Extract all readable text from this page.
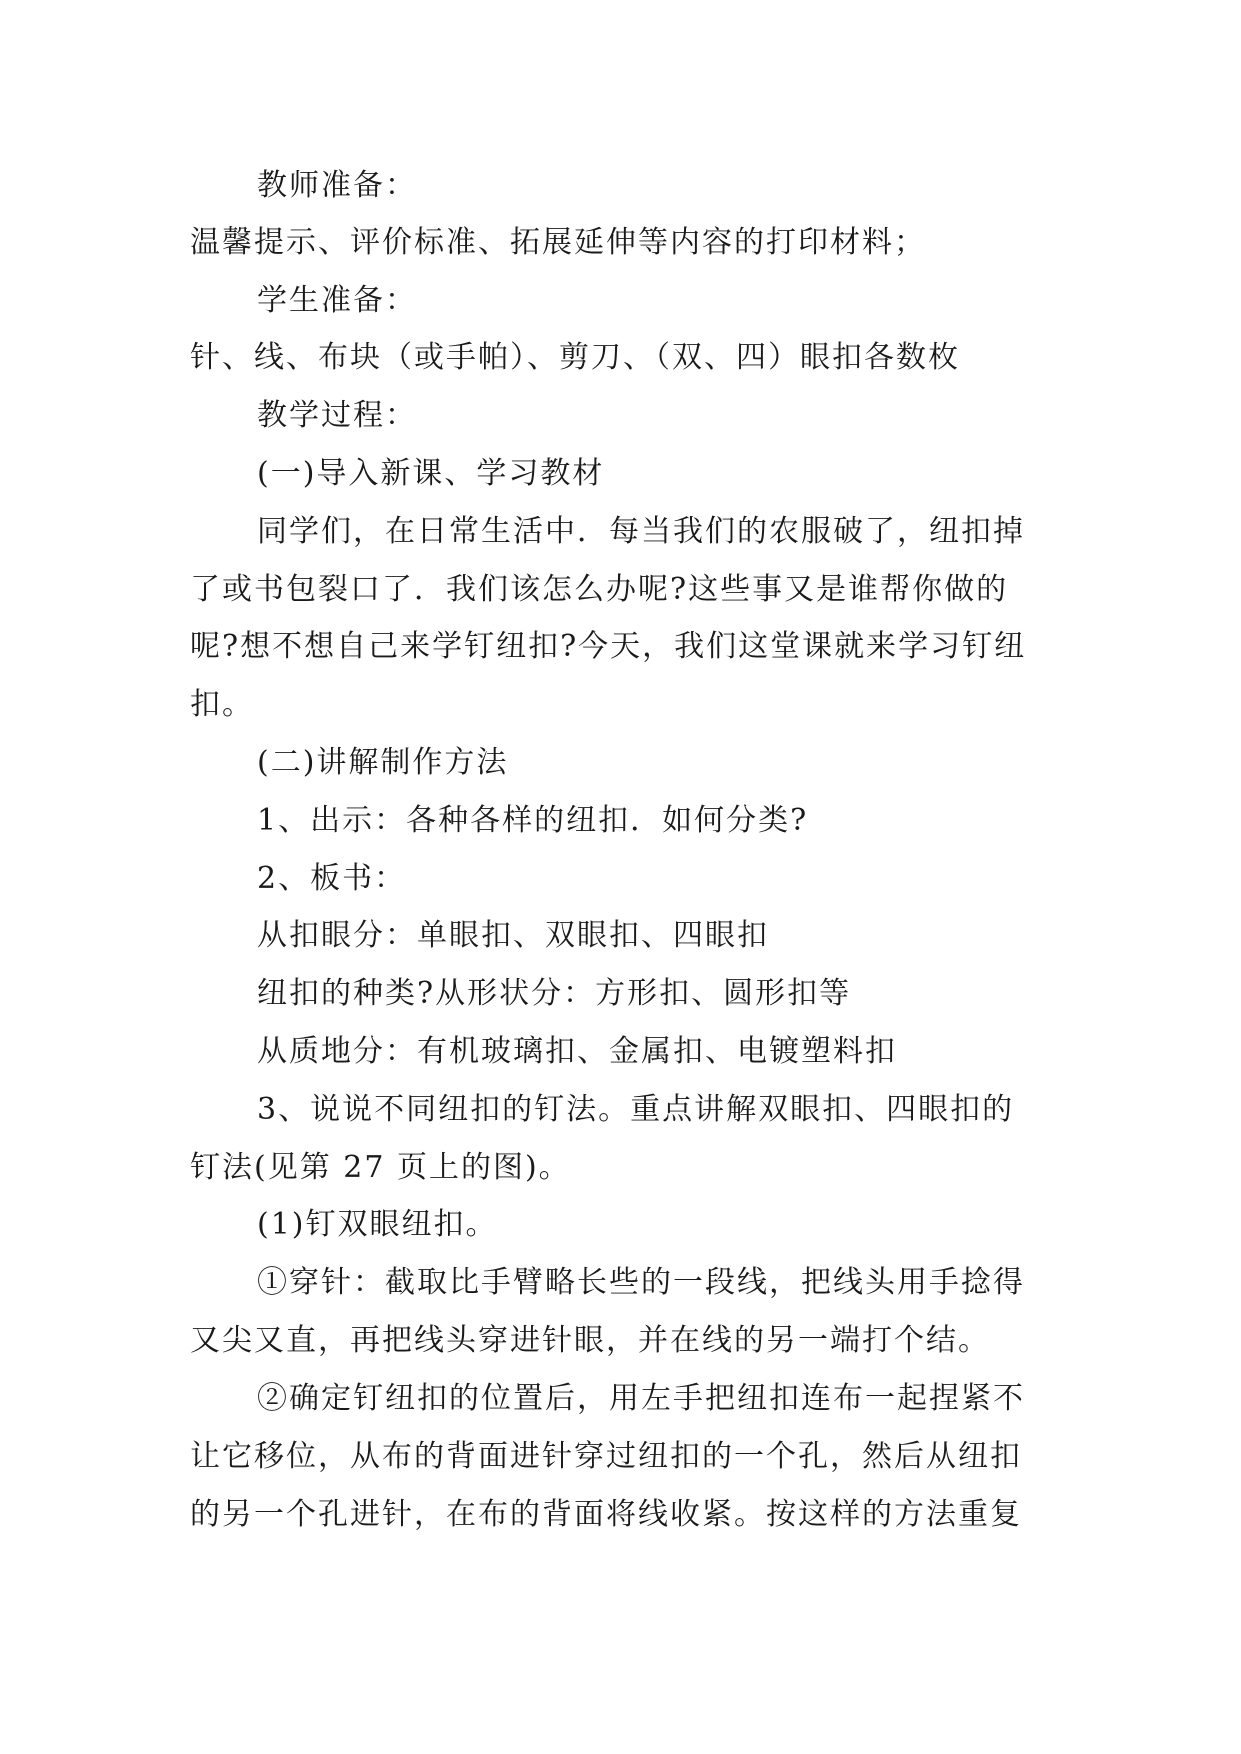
教师准备：
温馨提示、评价标准、拓展延伸等内容的打印材料；
学生准备：
针、线、布块（或手帕）、剪刀、（双、四）眼扣各数枚
教学过程：
(一)导入新课、学习教材
同学们，在日常生活中．每当我们的农服破了，纽扣掉
了或书包裂口了．我们该怎么办呢?这些事又是谁帮你做的
呢?想不想自己来学钉纽扣?今天，我们这堂课就来学习钉纽
扣。
(二)讲解制作方法
1、出示：各种各样的纽扣．如何分类?
2、板书：
从扣眼分：单眼扣、双眼扣、四眼扣
纽扣的种类?从形状分：方形扣、圆形扣等
从质地分：有机玻璃扣、金属扣、电镀塑料扣
3、说说不同纽扣的钉法。重点讲解双眼扣、四眼扣的
钉法(见第 27 页上的图)。
(1)钉双眼纽扣。
①穿针：截取比手臂略长些的一段线，把线头用手捻得
又尖又直，再把线头穿进针眼，并在线的另一端打个结。
②确定钉纽扣的位置后，用左手把纽扣连布一起捏紧不
让它移位，从布的背面进针穿过纽扣的一个孔，然后从纽扣
的另一个孔进针，在布的背面将线收紧。按这样的方法重复
